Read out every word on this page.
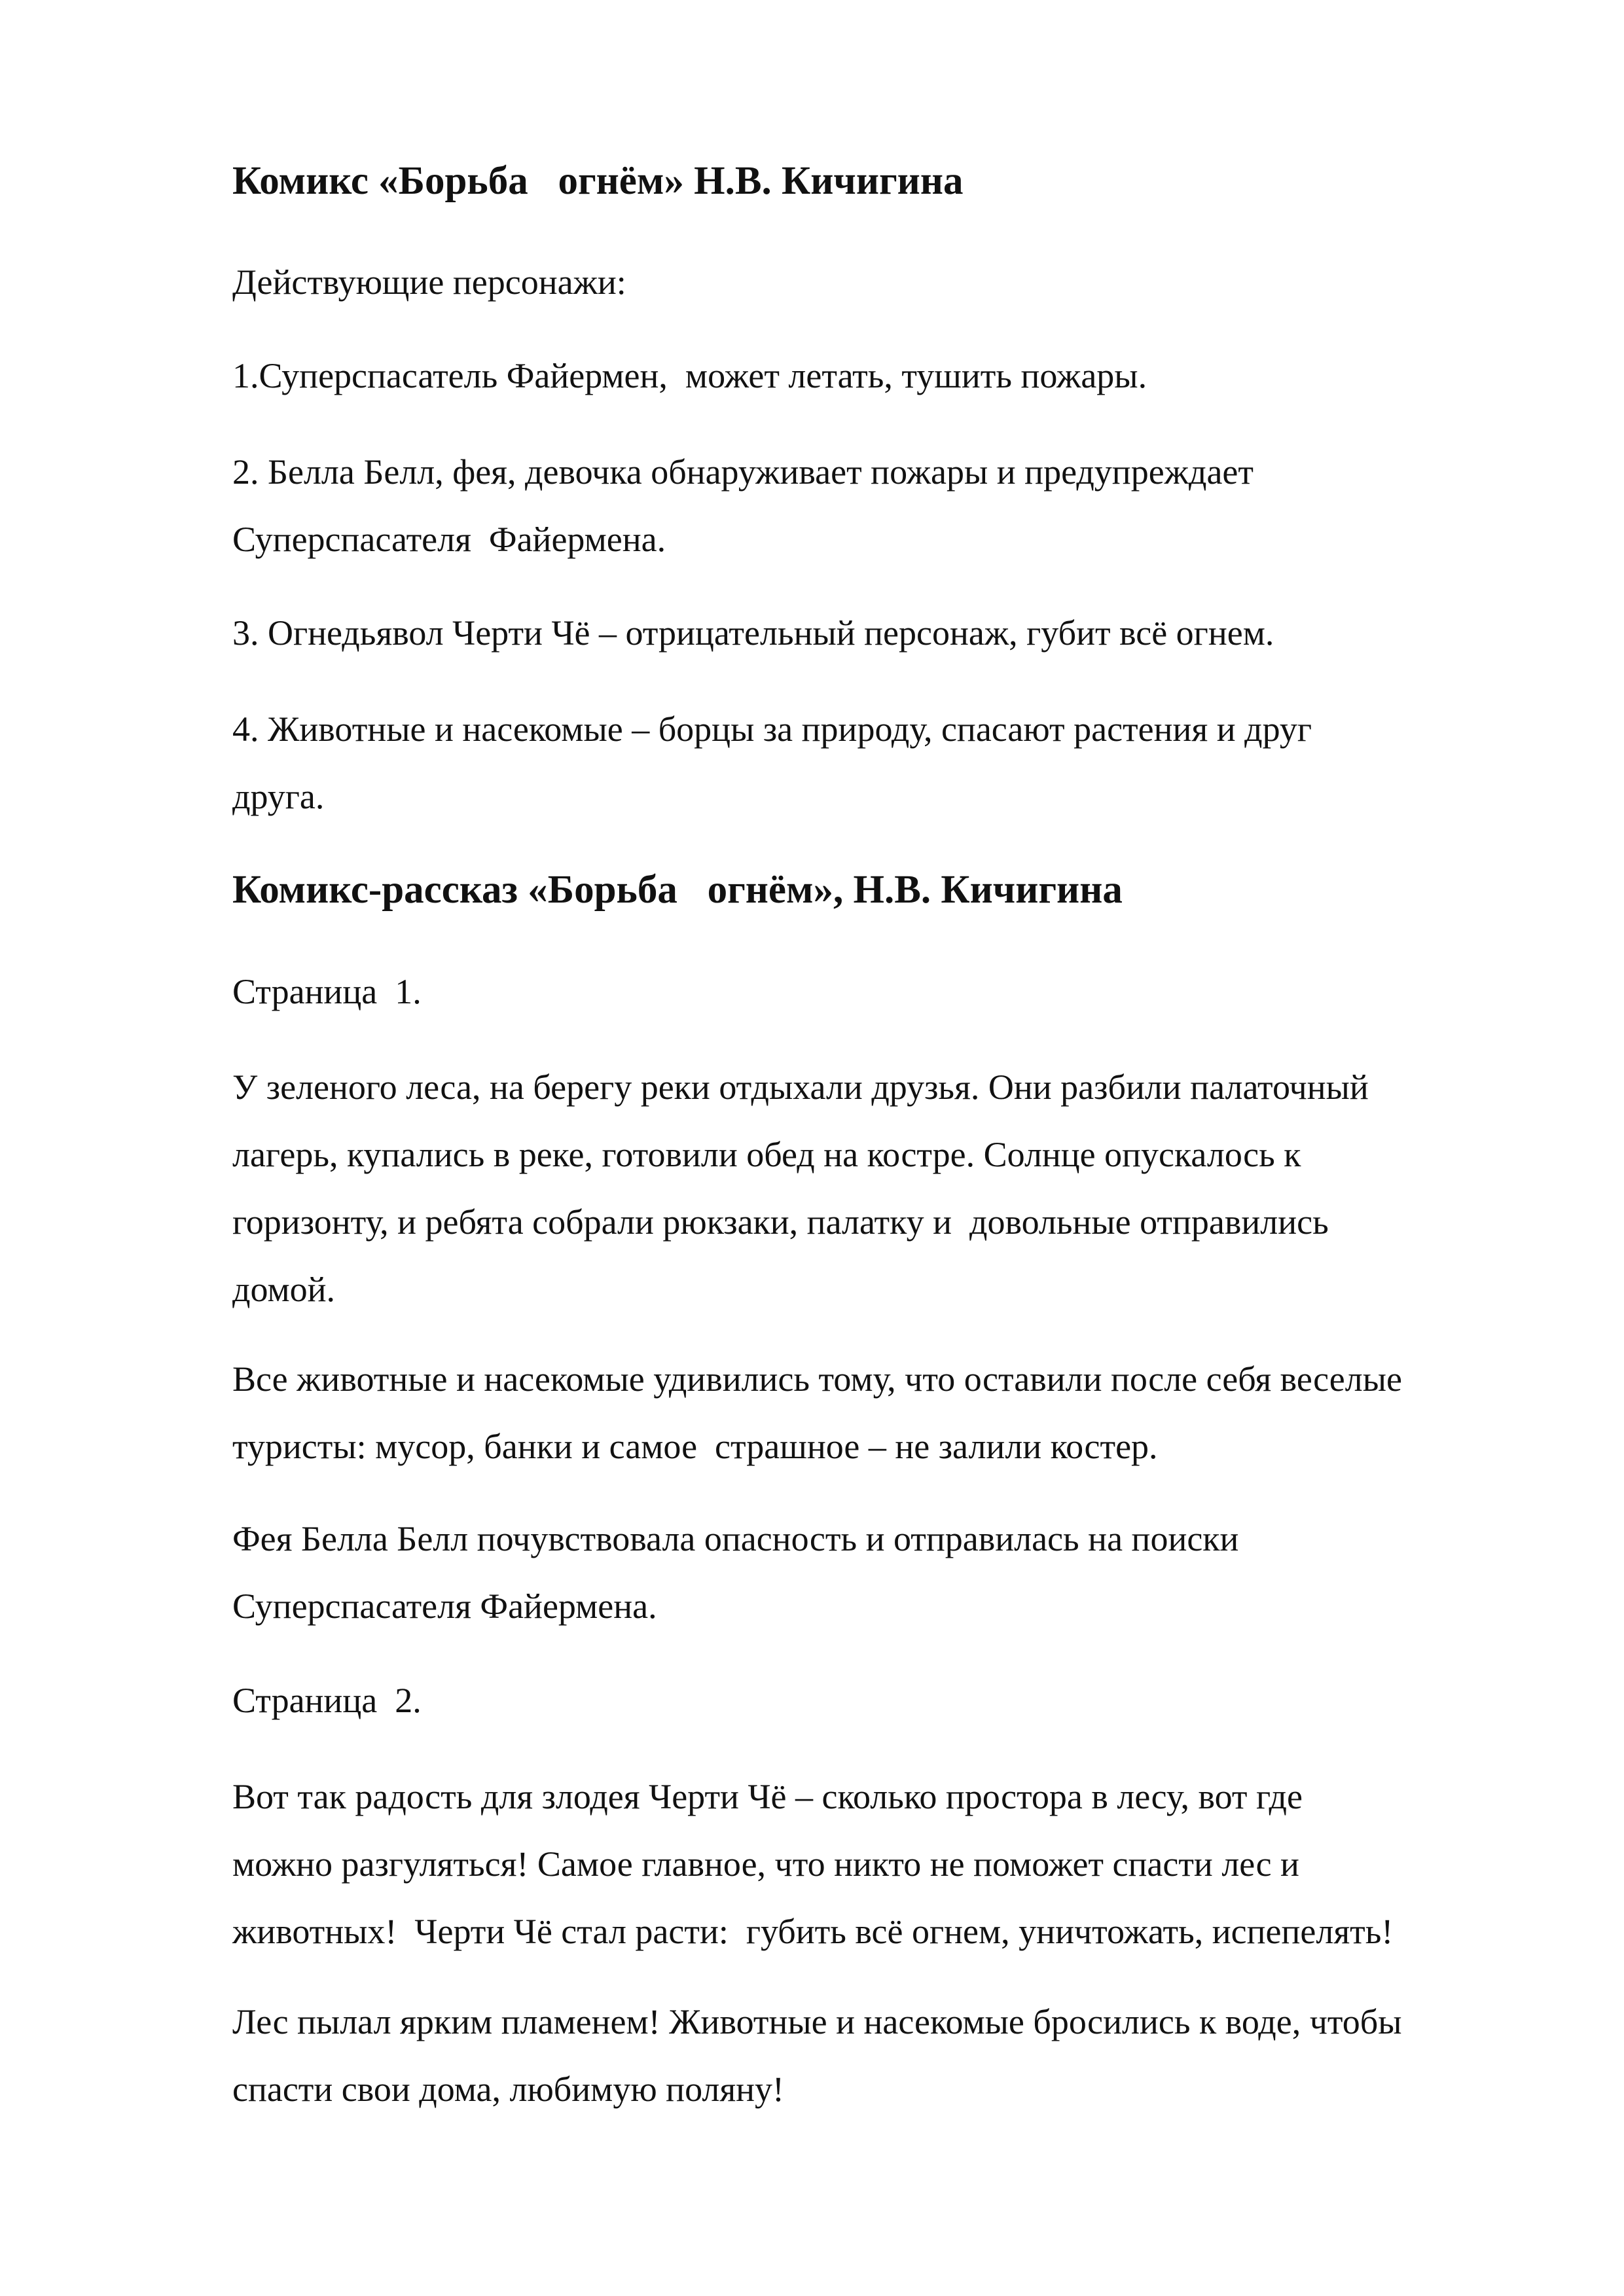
Комикс «Борьба   огнём» Н.В. Кичигина

Действующие персонажи:

1.Суперспасатель Файермен,  может летать, тушить пожары.

2. Белла Белл, фея, девочка обнаруживает пожары и предупреждает
Суперспасателя  Файермена.

3. Огнедьявол Черти Чё – отрицательный персонаж, губит всё огнем.

4. Животные и насекомые – борцы за природу, спасают растения и друг
друга.

Комикс-рассказ «Борьба   огнём», Н.В. Кичигина

Страница  1.

У зеленого леса, на берегу реки отдыхали друзья. Они разбили палаточный
лагерь, купались в реке, готовили обед на костре. Солнце опускалось к
горизонту, и ребята собрали рюкзаки, палатку и  довольные отправились
домой.

Все животные и насекомые удивились тому, что оставили после себя веселые
туристы: мусор, банки и самое  страшное – не залили костер.

Фея Белла Белл почувствовала опасность и отправилась на поиски
Суперспасателя Файермена.

Страница  2.

Вот так радость для злодея Черти Чё – сколько простора в лесу, вот где
можно разгуляться! Самое главное, что никто не поможет спасти лес и
животных!  Черти Чё стал расти:  губить всё огнем, уничтожать, испепелять!

Лес пылал ярким пламенем! Животные и насекомые бросились к воде, чтобы
спасти свои дома, любимую поляну!
